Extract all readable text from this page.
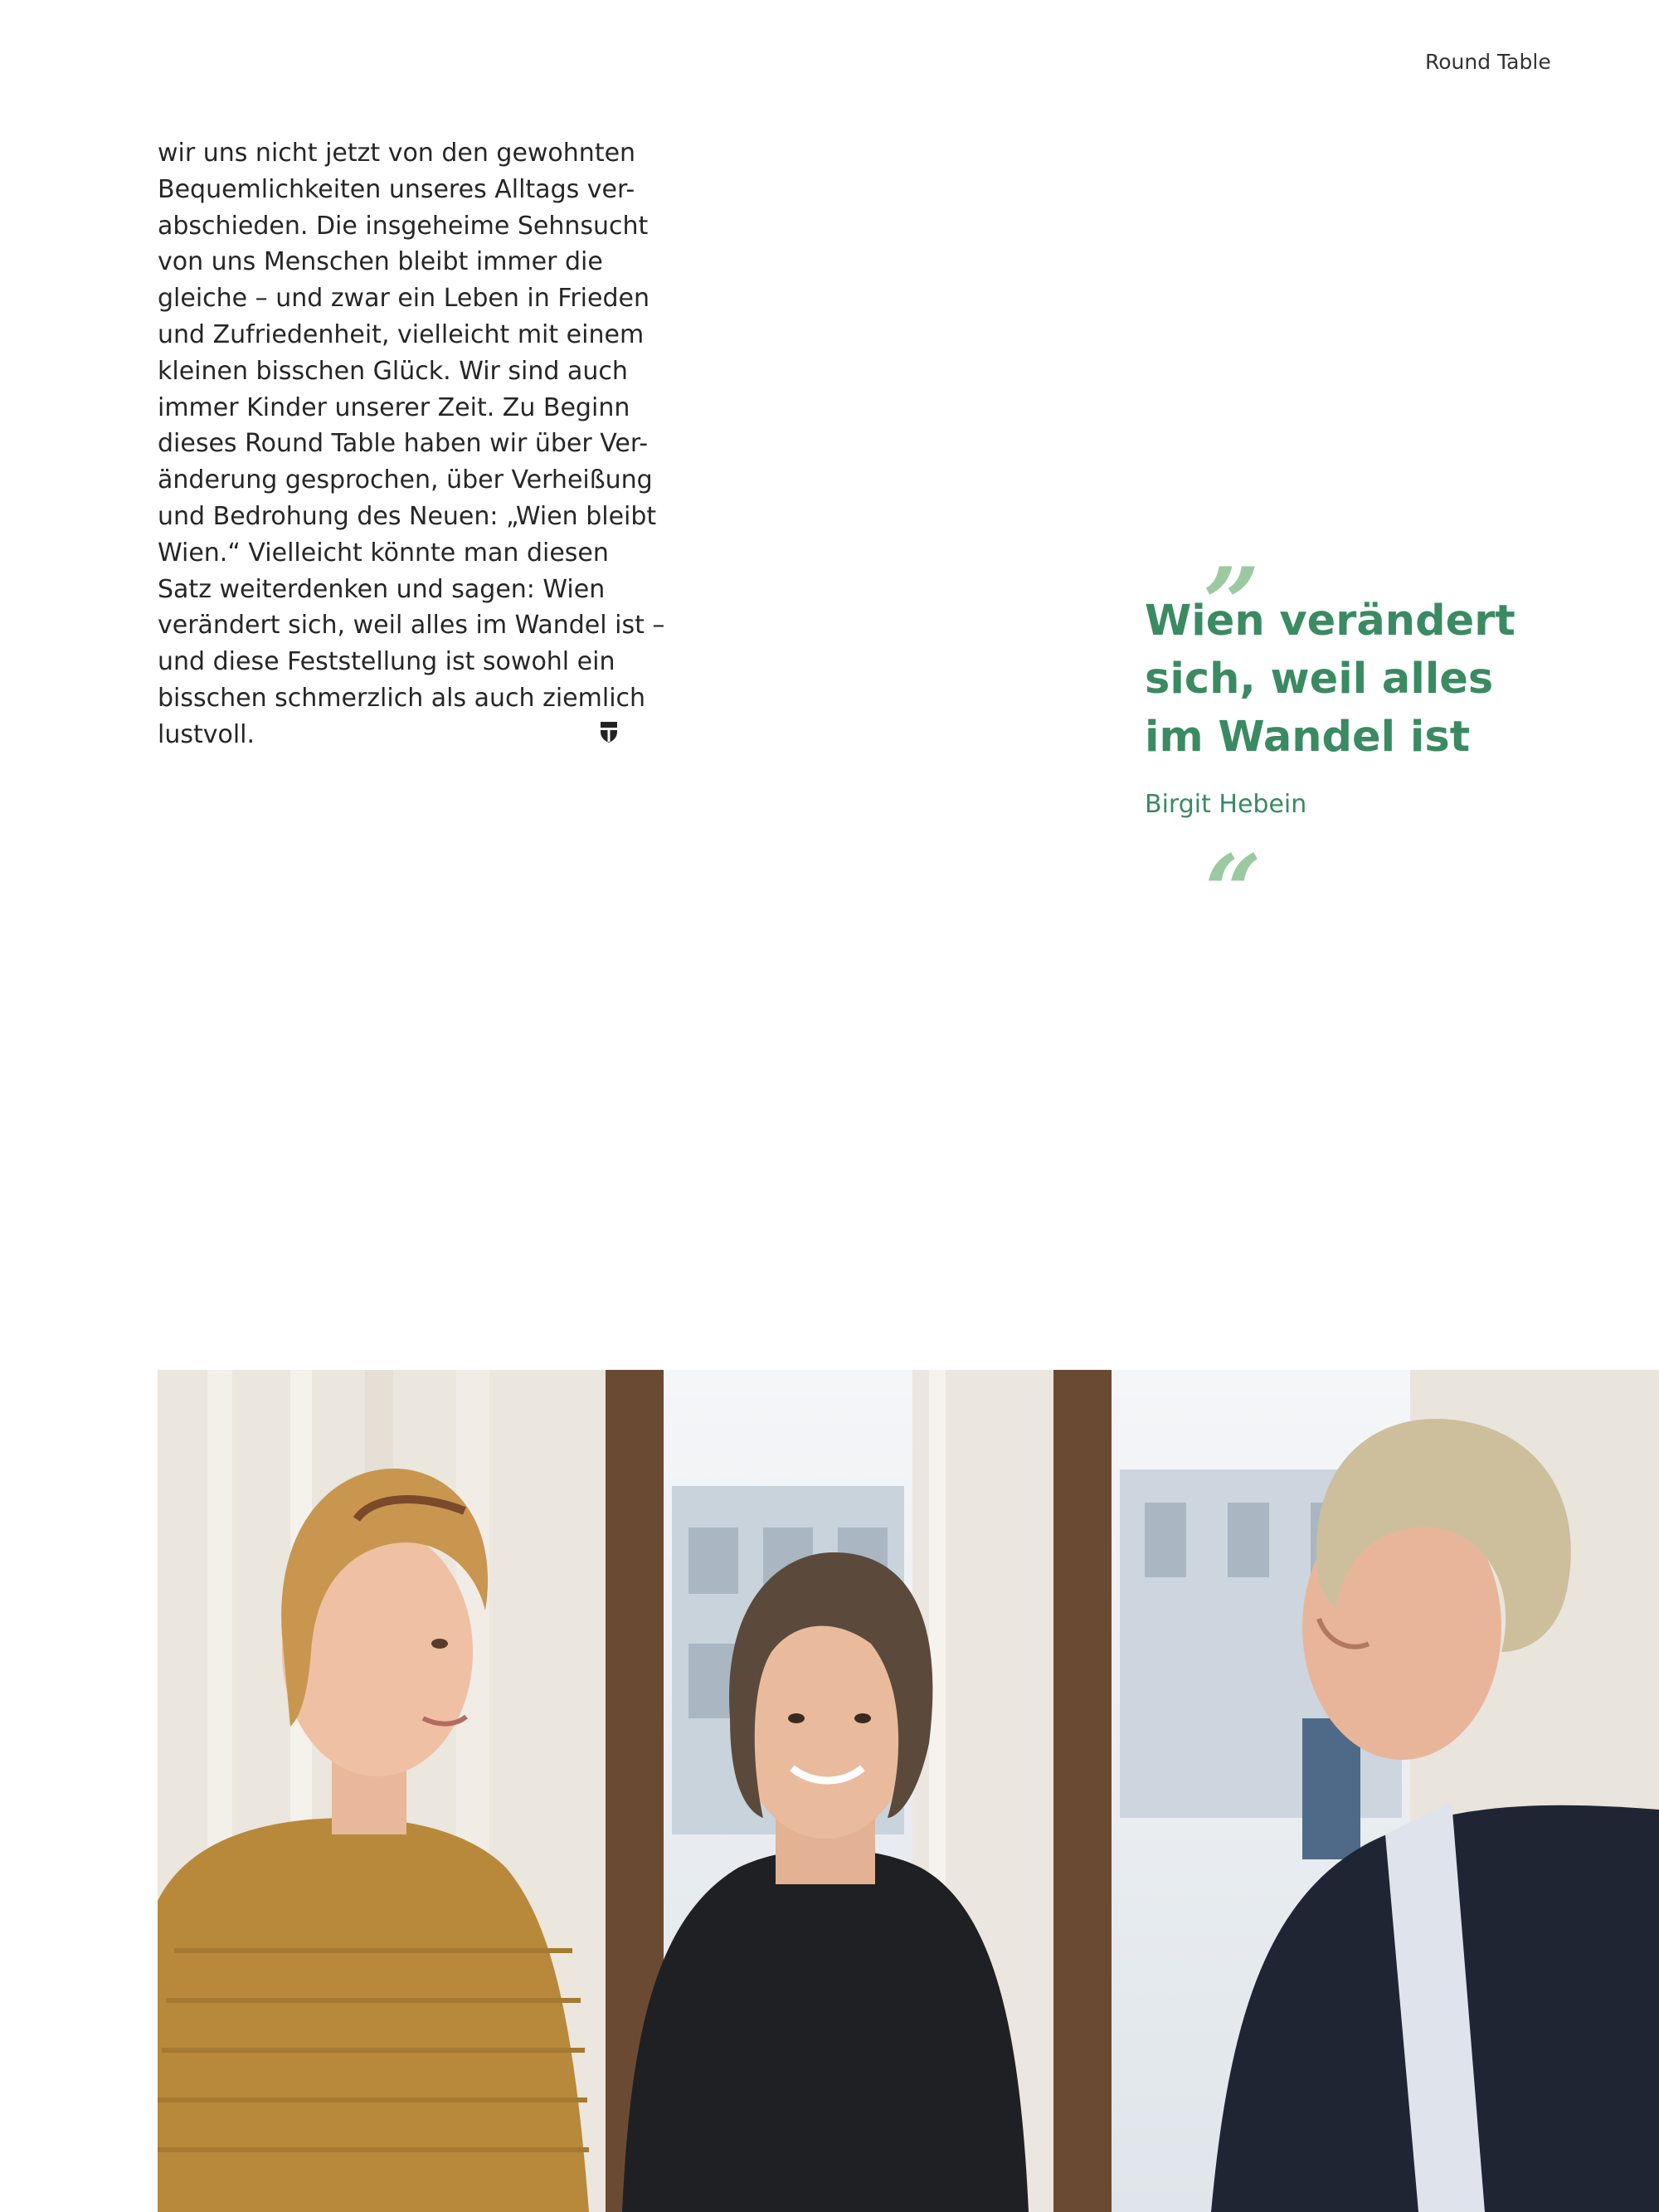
Round Table
wir uns nicht jetzt von den gewohnten
Bequemlichkeiten unseres Alltags ver-
abschieden. Die insgeheime Sehnsucht
von uns Menschen bleibt immer die
gleiche – und zwar ein Leben in Frieden
und Zufriedenheit, vielleicht mit einem
kleinen bisschen Glück. Wir sind auch
immer Kinder unserer Zeit. Zu Beginn
dieses Round Table haben wir über Ver-
änderung gesprochen, über Verheißung
und Bedrohung des Neuen: „Wien bleibt
Wien.“ Vielleicht könnte man diesen
Satz weiterdenken und sagen: Wien
verändert sich, weil alles im Wandel ist –
und diese Feststellung ist sowohl ein
bisschen schmerzlich als auch ziemlich
lustvoll.
„
Wien verändert
sich, weil alles
im Wandel ist
Birgit Hebein
“
